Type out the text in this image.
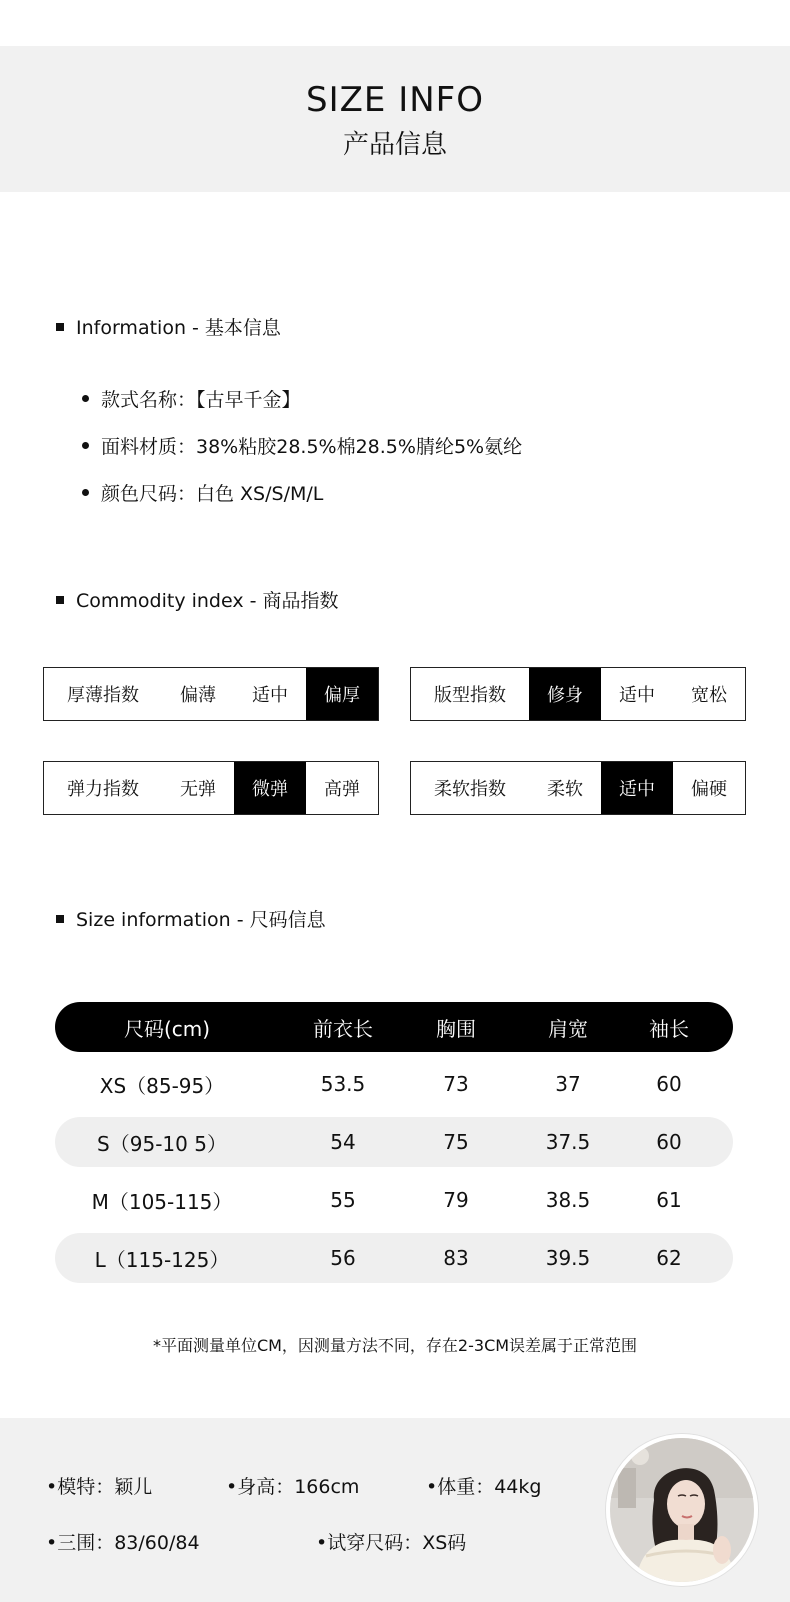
SIZE INFO
产品信息
Information - 基本信息
款式名称：【古早千金】
面料材质：38%粘胶28.5%棉28.5%腈纶5%氨纶
颜色尺码：白色 XS/S/M/L
Commodity index - 商品指数
厚薄指数	偏薄	适中	偏厚	版型指数	修身	适中	宽松
弹力指数	无弹	微弹	高弹	柔软指数	柔软	适中	偏硬
Size information - 尺码信息
尺码(cm)	前衣长	胸围	肩宽	袖长
XS（85-95）	53.5	73	37	60
S（95-10 5）	54	75	37.5	60
M（105-115）	55	79	38.5	61
L（115-125）	56	83	39.5	62
*平面测量单位CM，因测量方法不同，存在2-3CM误差属于正常范围
•模特：颖儿	•身高：166cm	•体重：44kg
•三围：83/60/84	•试穿尺码：XS码
